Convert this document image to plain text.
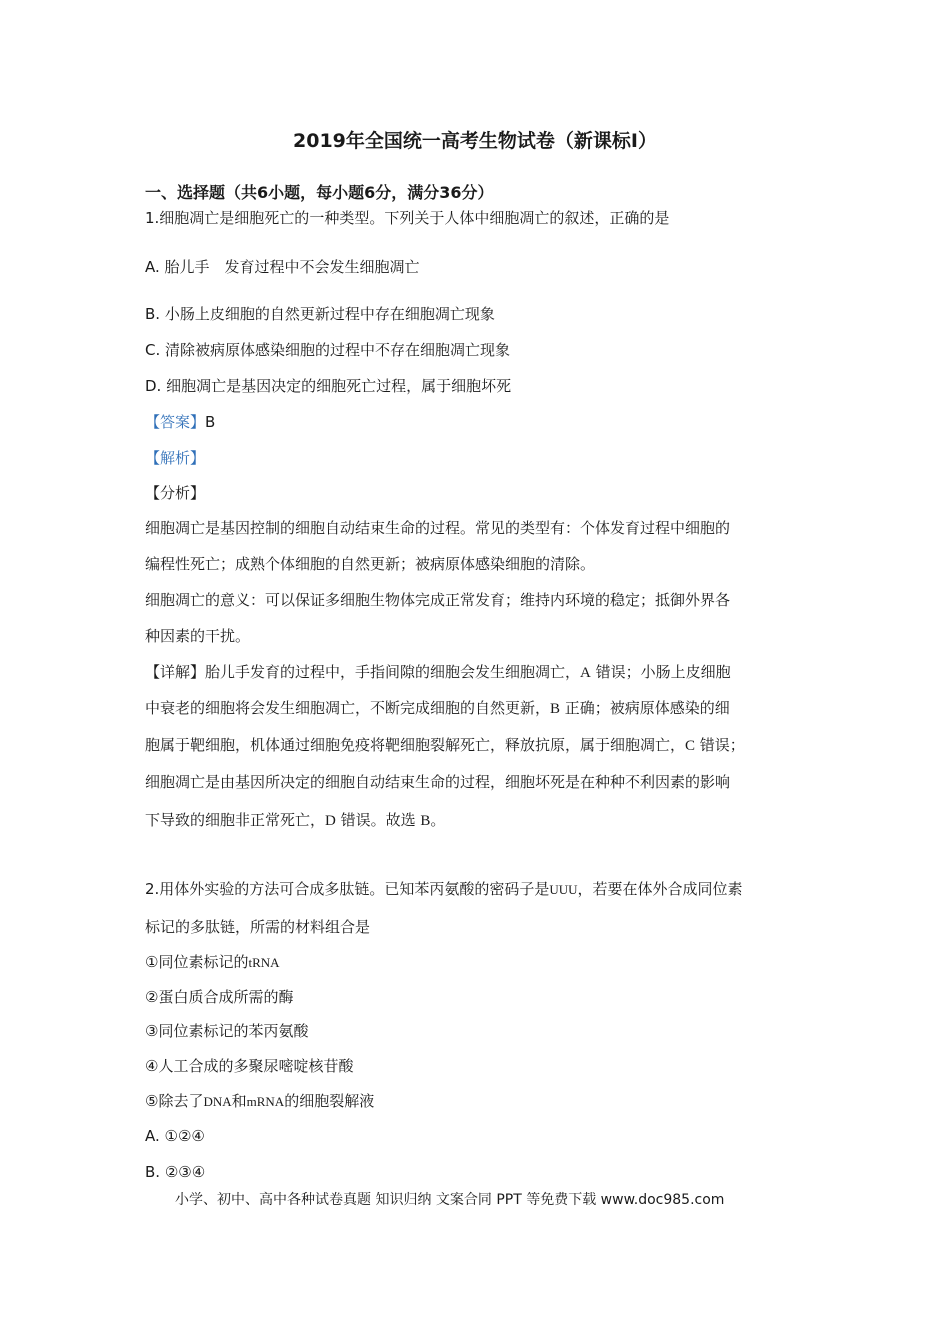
2019年全国统一高考生物试卷（新课标I）
一、选择题（共6小题，每小题6分，满分36分）
1.细胞凋亡是细胞死亡的一种类型。下列关于人体中细胞凋亡的叙述，正确的是
A. 胎儿手　发育过程中不会发生细胞凋亡
B. 小肠上皮细胞的自然更新过程中存在细胞凋亡现象
C. 清除被病原体感染细胞的过程中不存在细胞凋亡现象
D. 细胞凋亡是基因决定的细胞死亡过程，属于细胞坏死
【答案】B
【解析】
【分析】
细胞凋亡是基因控制的细胞自动结束生命的过程。常见的类型有：个体发育过程中细胞的
编程性死亡；成熟个体细胞的自然更新；被病原体感染细胞的清除。
细胞凋亡的意义：可以保证多细胞生物体完成正常发育；维持内环境的稳定；抵御外界各
种因素的干扰。
【详解】胎儿手发育的过程中，手指间隙的细胞会发生细胞凋亡，A 错误；小肠上皮细胞
中衰老的细胞将会发生细胞凋亡，不断完成细胞的自然更新，B 正确；被病原体感染的细
胞属于靶细胞，机体通过细胞免疫将靶细胞裂解死亡，释放抗原，属于细胞凋亡，C 错误；
细胞凋亡是由基因所决定的细胞自动结束生命的过程，细胞坏死是在种种不利因素的影响
下导致的细胞非正常死亡，D 错误。故选 B。
2.用体外实验的方法可合成多肽链。已知苯丙氨酸的密码子是UUU，若要在体外合成同位素
标记的多肽链，所需的材料组合是
①同位素标记的tRNA
②蛋白质合成所需的酶
③同位素标记的苯丙氨酸
④人工合成的多聚尿嘧啶核苷酸
⑤除去了DNA和mRNA的细胞裂解液
A. ①②④
B. ②③④
小学、初中、高中各种试卷真题 知识归纳 文案合同 PPT 等免费下载 www.doc985.com
